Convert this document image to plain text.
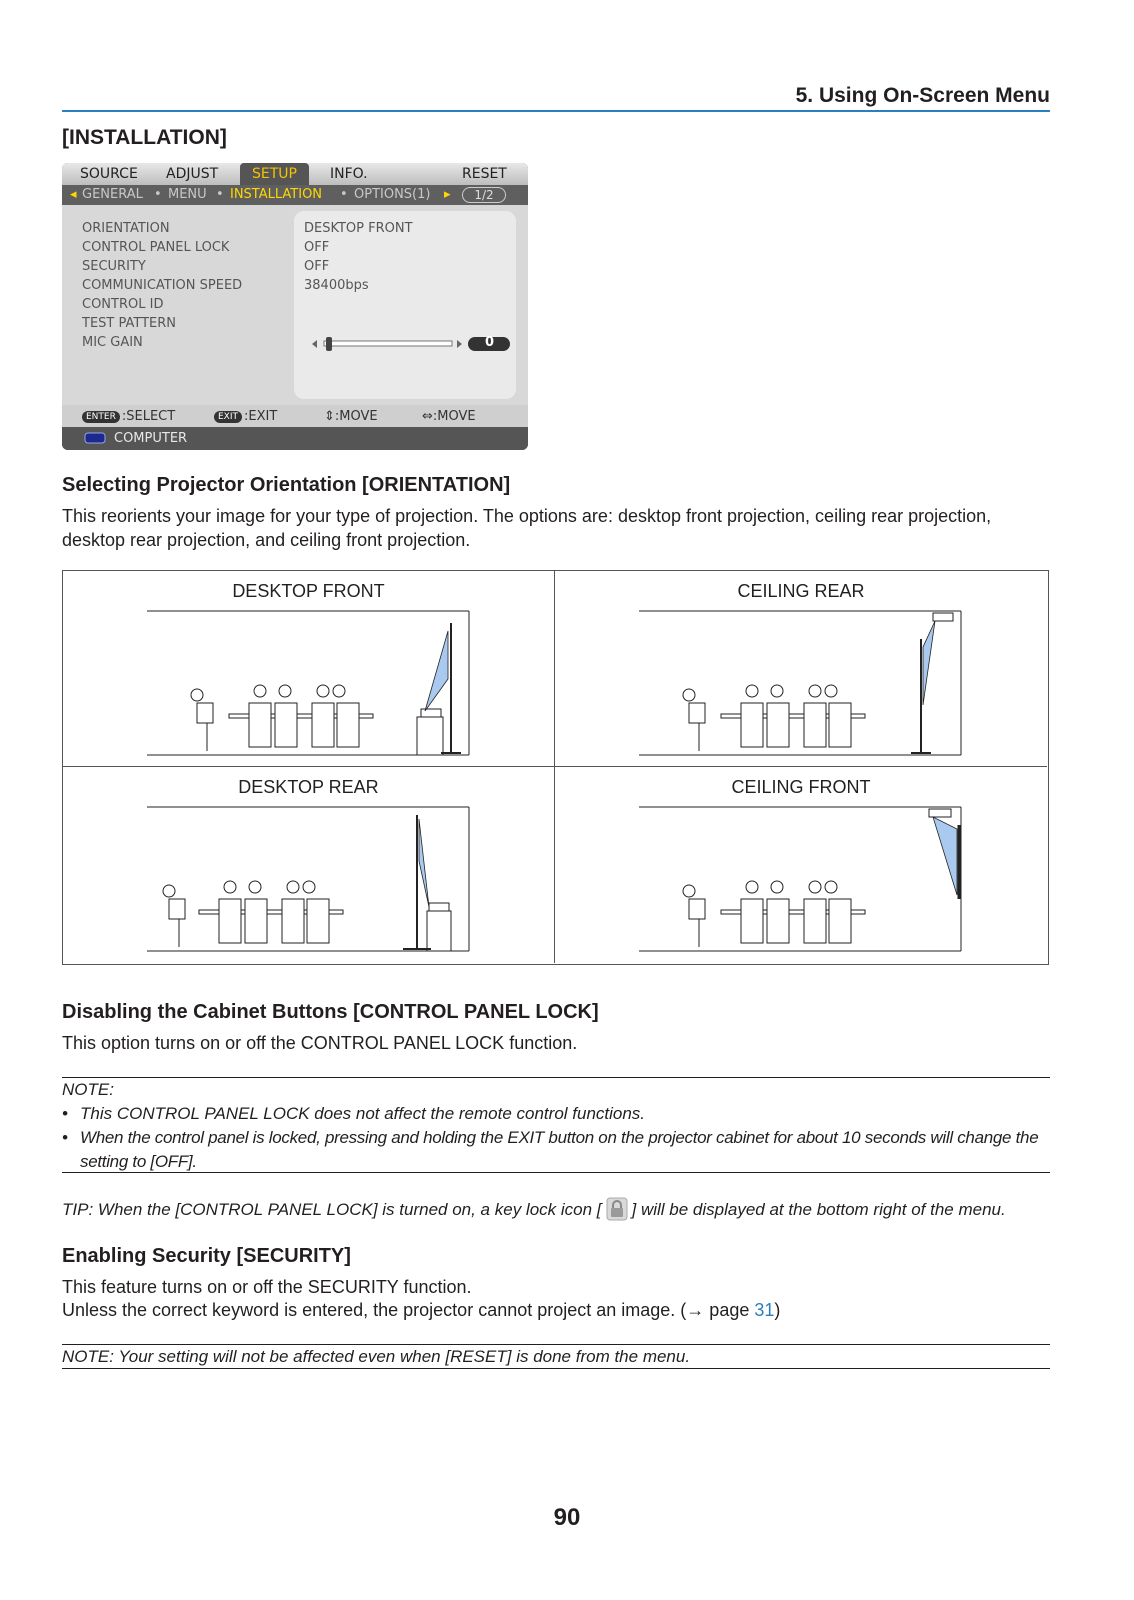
5. Using On-Screen Menu
[INSTALLATION]
SOURCE ADJUST	SETUP	INFO.	RESET
◂ GENERAL • MENU • INSTALLATION • OPTIONS(1) ▸	1/2
ORIENTATION	DESKTOP FRONT
CONTROL PANEL LOCK	OFF
SECURITY	OFF
COMMUNICATION SPEED	38400bps
CONTROL ID
TEST PATTERN
MIC GAIN	0
ENTER :SELECT	EXIT :EXIT	⇕:MOVE	⇔:MOVE
COMPUTER
Selecting Projector Orientation [ORIENTATION]
This reorients your image for your type of projection. The options are: desktop front projection, ceiling rear projection, desktop rear projection, and ceiling front projection.
DESKTOP FRONT	CEILING REAR
DESKTOP REAR	CEILING FRONT
Disabling the Cabinet Buttons [CONTROL PANEL LOCK]
This option turns on or off the CONTROL PANEL LOCK function.
NOTE:
• This CONTROL PANEL LOCK does not affect the remote control functions.
• When the control panel is locked, pressing and holding the EXIT button on the projector cabinet for about 10 seconds will change the setting to [OFF].
TIP: When the [CONTROL PANEL LOCK] is turned on, a key lock icon [ ] will be displayed at the bottom right of the menu.
Enabling Security [SECURITY]
This feature turns on or off the SECURITY function.
Unless the correct keyword is entered, the projector cannot project an image. (→ page 31)
NOTE: Your setting will not be affected even when [RESET] is done from the menu.
90
